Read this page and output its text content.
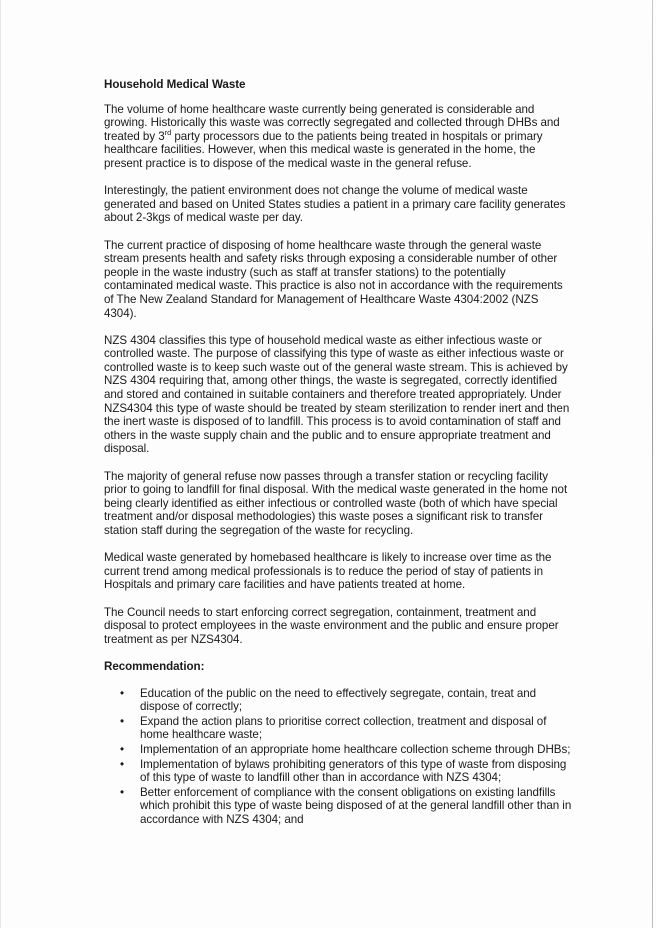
Household Medical Waste

The volume of home healthcare waste currently being generated is considerable and growing. Historically this waste was correctly segregated and collected through DHBs and treated by 3rd party processors due to the patients being treated in hospitals or primary healthcare facilities. However, when this medical waste is generated in the home, the present practice is to dispose of the medical waste in the general refuse.

Interestingly, the patient environment does not change the volume of medical waste generated and based on United States studies a patient in a primary care facility generates about 2-3kgs of medical waste per day.

The current practice of disposing of home healthcare waste through the general waste stream presents health and safety risks through exposing a considerable number of other people in the waste industry (such as staff at transfer stations) to the potentially contaminated medical waste. This practice is also not in accordance with the requirements of The New Zealand Standard for Management of Healthcare Waste 4304:2002 (NZS 4304).

NZS 4304 classifies this type of household medical waste as either infectious waste or controlled waste. The purpose of classifying this type of waste as either infectious waste or controlled waste is to keep such waste out of the general waste stream. This is achieved by NZS 4304 requiring that, among other things, the waste is segregated, correctly identified and stored and contained in suitable containers and therefore treated appropriately. Under NZS4304 this type of waste should be treated by steam sterilization to render inert and then the inert waste is disposed of to landfill. This process is to avoid contamination of staff and others in the waste supply chain and the public and to ensure appropriate treatment and disposal.

The majority of general refuse now passes through a transfer station or recycling facility prior to going to landfill for final disposal. With the medical waste generated in the home not being clearly identified as either infectious or controlled waste (both of which have special treatment and/or disposal methodologies) this waste poses a significant risk to transfer station staff during the segregation of the waste for recycling.

Medical waste generated by homebased healthcare is likely to increase over time as the current trend among medical professionals is to reduce the period of stay of patients in Hospitals and primary care facilities and have patients treated at home.

The Council needs to start enforcing correct segregation, containment, treatment and disposal to protect employees in the waste environment and the public and ensure proper treatment as per NZS4304.

Recommendation:
• Education of the public on the need to effectively segregate, contain, treat and dispose of correctly;
• Expand the action plans to prioritise correct collection, treatment and disposal of home healthcare waste;
• Implementation of an appropriate home healthcare collection scheme through DHBs;
• Implementation of bylaws prohibiting generators of this type of waste from disposing of this type of waste to landfill other than in accordance with NZS 4304;
• Better enforcement of compliance with the consent obligations on existing landfills which prohibit this type of waste being disposed of at the general landfill other than in accordance with NZS 4304; and
